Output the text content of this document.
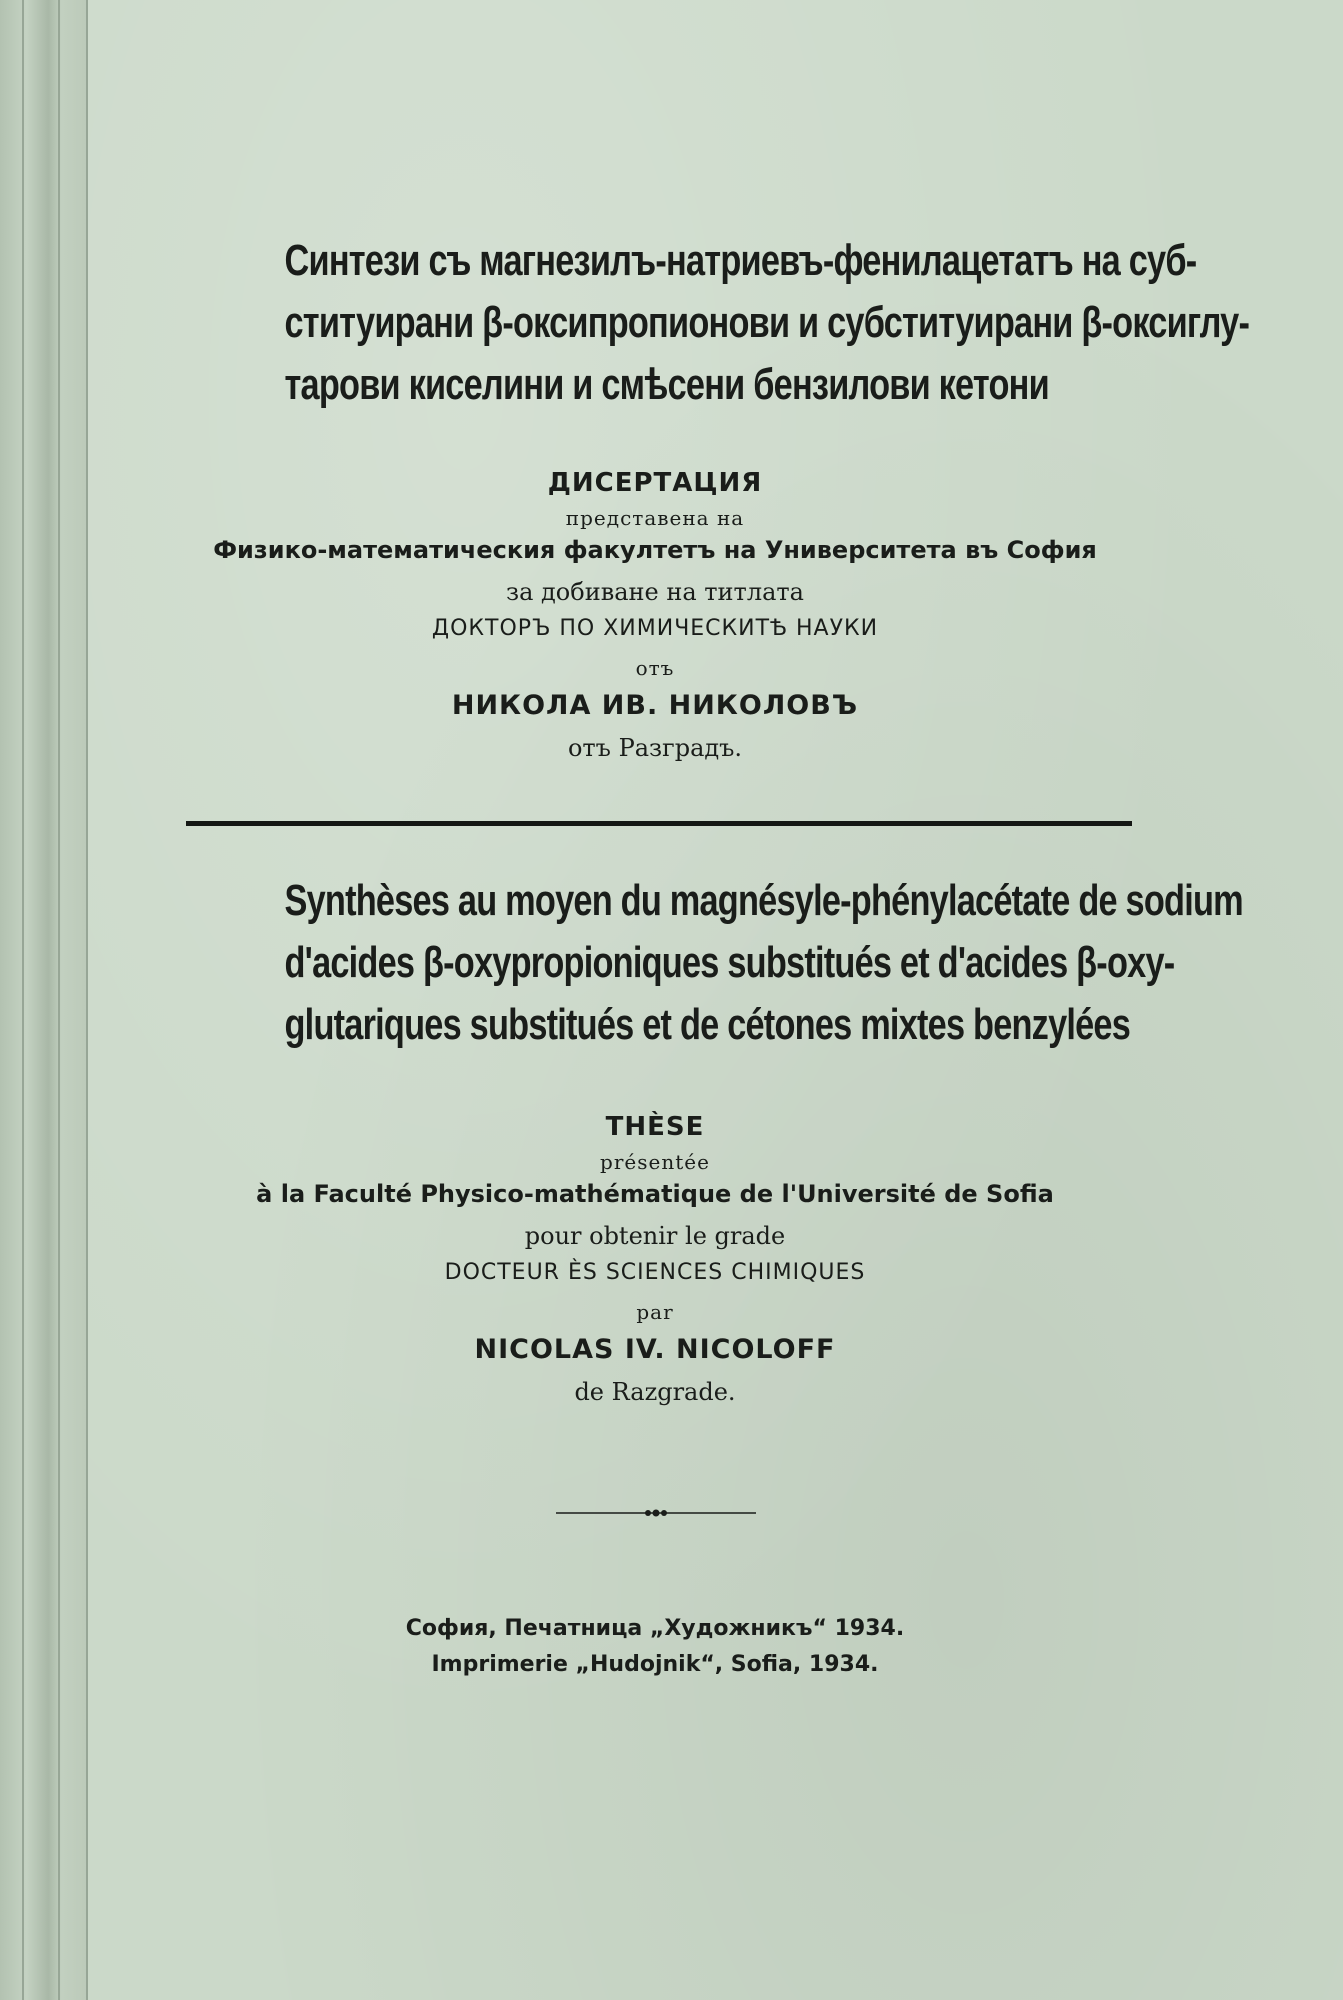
Синтези съ магнезилъ-натриевъ-фенилацетатъ на суб-
ституирани β-оксипропионови и субституирани β-оксиглу-
тарови киселини и смѣсени бензилови кетони
ДИСЕРТАЦИЯ
представена на
Физико-математическия факултетъ на Университета въ София
за добиване на титлата
ДОКТОРЪ ПО ХИМИЧЕСКИТѢ НАУКИ
отъ
НИКОЛА ИВ. НИКОЛОВЪ
отъ Разградъ.
Synthèses au moyen du magnésyle-phénylacétate de sodium
d'acides β-oxypropioniques substitués et d'acides β-oxy-
glutariques substitués et de cétones mixtes benzylées
THÈSE
présentée
à la Faculté Physico-mathématique de l'Université de Sofia
pour obtenir le grade
DOCTEUR ÈS SCIENCES CHIMIQUES
par
NICOLAS IV. NICOLOFF
de Razgrade.
София, Печатница „Художникъ“ 1934.
Imprimerie „Hudojnik“, Sofia, 1934.
